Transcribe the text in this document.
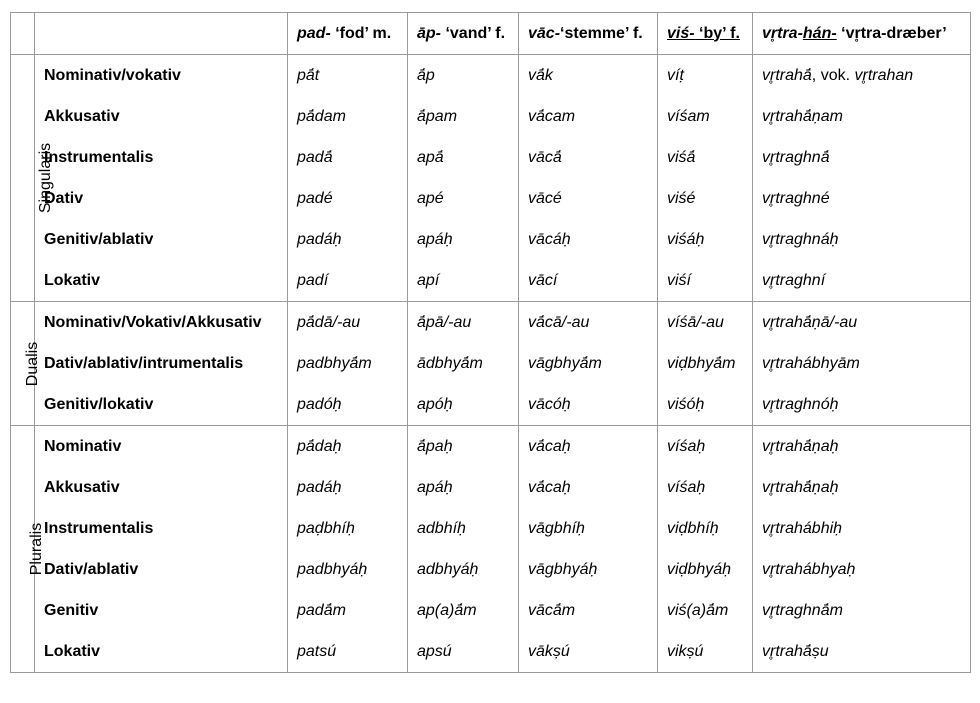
		pad- ‘fod’ m.	āp- ‘vand’ f.	vāc-‘stemme’ f.	viś- ‘by’ f.	vr̥tra-hán- ‘vr̥tra-dræber’
Singularis	Nominativ/vokativ	pā́t	ā́p	vā́k	víṭ	vr̥trahā́, vok. vr̥trahan
	Akkusativ	pā́dam	ā́pam	vā́cam	víśam	vr̥trahā́ṇam
	Instrumentalis	padā́	apā́	vācā́	viśā́	vr̥traghnā́
	Dativ	padé	apé	vācé	viśé	vr̥traghné
	Genitiv/ablativ	padáḥ	apáḥ	vācáḥ	viśáḥ	vr̥traghnáḥ
	Lokativ	padí	apí	vācí	viśí	vr̥traghní
Dualis	Nominativ/Vokativ/Akkusativ	pā́dā/-au	ā́pā/-au	vā́cā/-au	víśā/-au	vr̥trahā́ṇā/-au
	Dativ/ablativ/intrumentalis	padbhyā́m	ādbhyā́m	vāgbhyā́m	viḍbhyā́m	vr̥trahábhyām
	Genitiv/lokativ	padóḥ	apóḥ	vācóḥ	viśóḥ	vr̥traghnóḥ
Pluralis	Nominativ	pā́daḥ	ā́paḥ	vā́caḥ	víśaḥ	vr̥trahā́ṇaḥ
	Akkusativ	padáḥ	apáḥ	vā́caḥ	víśaḥ	vr̥trahā́ṇaḥ
	Instrumentalis	paḍbhíḥ	adbhíḥ	vāgbhíḥ	viḍbhíḥ	vr̥trahábhiḥ
	Dativ/ablativ	padbhyáḥ	adbhyáḥ	vāgbhyáḥ	viḍbhyáḥ	vr̥trahábhyaḥ
	Genitiv	padā́m	ap(a)ā́m	vācā́m	viś(a)ā́m	vr̥traghnā́m
	Lokativ	patsú	apsú	vākṣú	vikṣú	vr̥trahā́ṣu
